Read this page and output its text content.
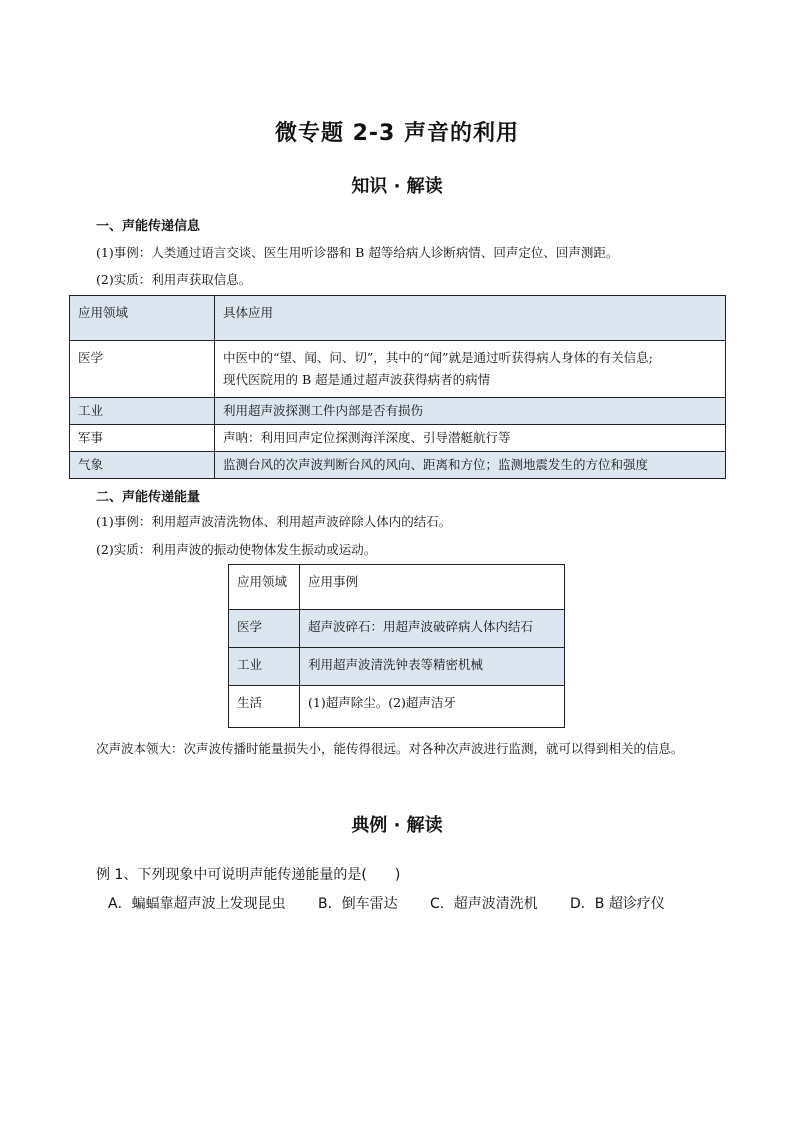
微专题 2-3 声音的利用
知识 · 解读
一、声能传递信息
(1)事例：人类通过语言交谈、医生用听诊器和 B 超等给病人诊断病情、回声定位、回声测距。
(2)实质：利用声获取信息。
应用领域	具体应用
医学	中医中的“望、闻、问、切”，其中的“闻”就是通过听获得病人身体的有关信息;
现代医院用的 B 超是通过超声波获得病者的病情

工业	利用超声波探测工件内部是否有损伤
军事	声呐：利用回声定位探测海洋深度、引导潜艇航行等
气象	监测台风的次声波判断台风的风向、距离和方位；监测地震发生的方位和强度
二、声能传递能量
(1)事例：利用超声波清洗物体、利用超声波碎除人体内的结石。
(2)实质：利用声波的振动使物体发生振动或运动。
应用领域	应用事例
医学	超声波碎石：用超声波破碎病人体内结石
工业	利用超声波清洗钟表等精密机械
生活	(1)超声除尘。(2)超声洁牙
次声波本领大：次声波传播时能量损失小，能传得很远。对各种次声波进行监测，就可以得到相关的信息。
典例 · 解读
例 1、下列现象中可说明声能传递能量的是(　　)
A．蝙蝠靠超声波上发现昆虫	B．倒车雷达	C．超声波清洗机	D．B 超诊疗仪
